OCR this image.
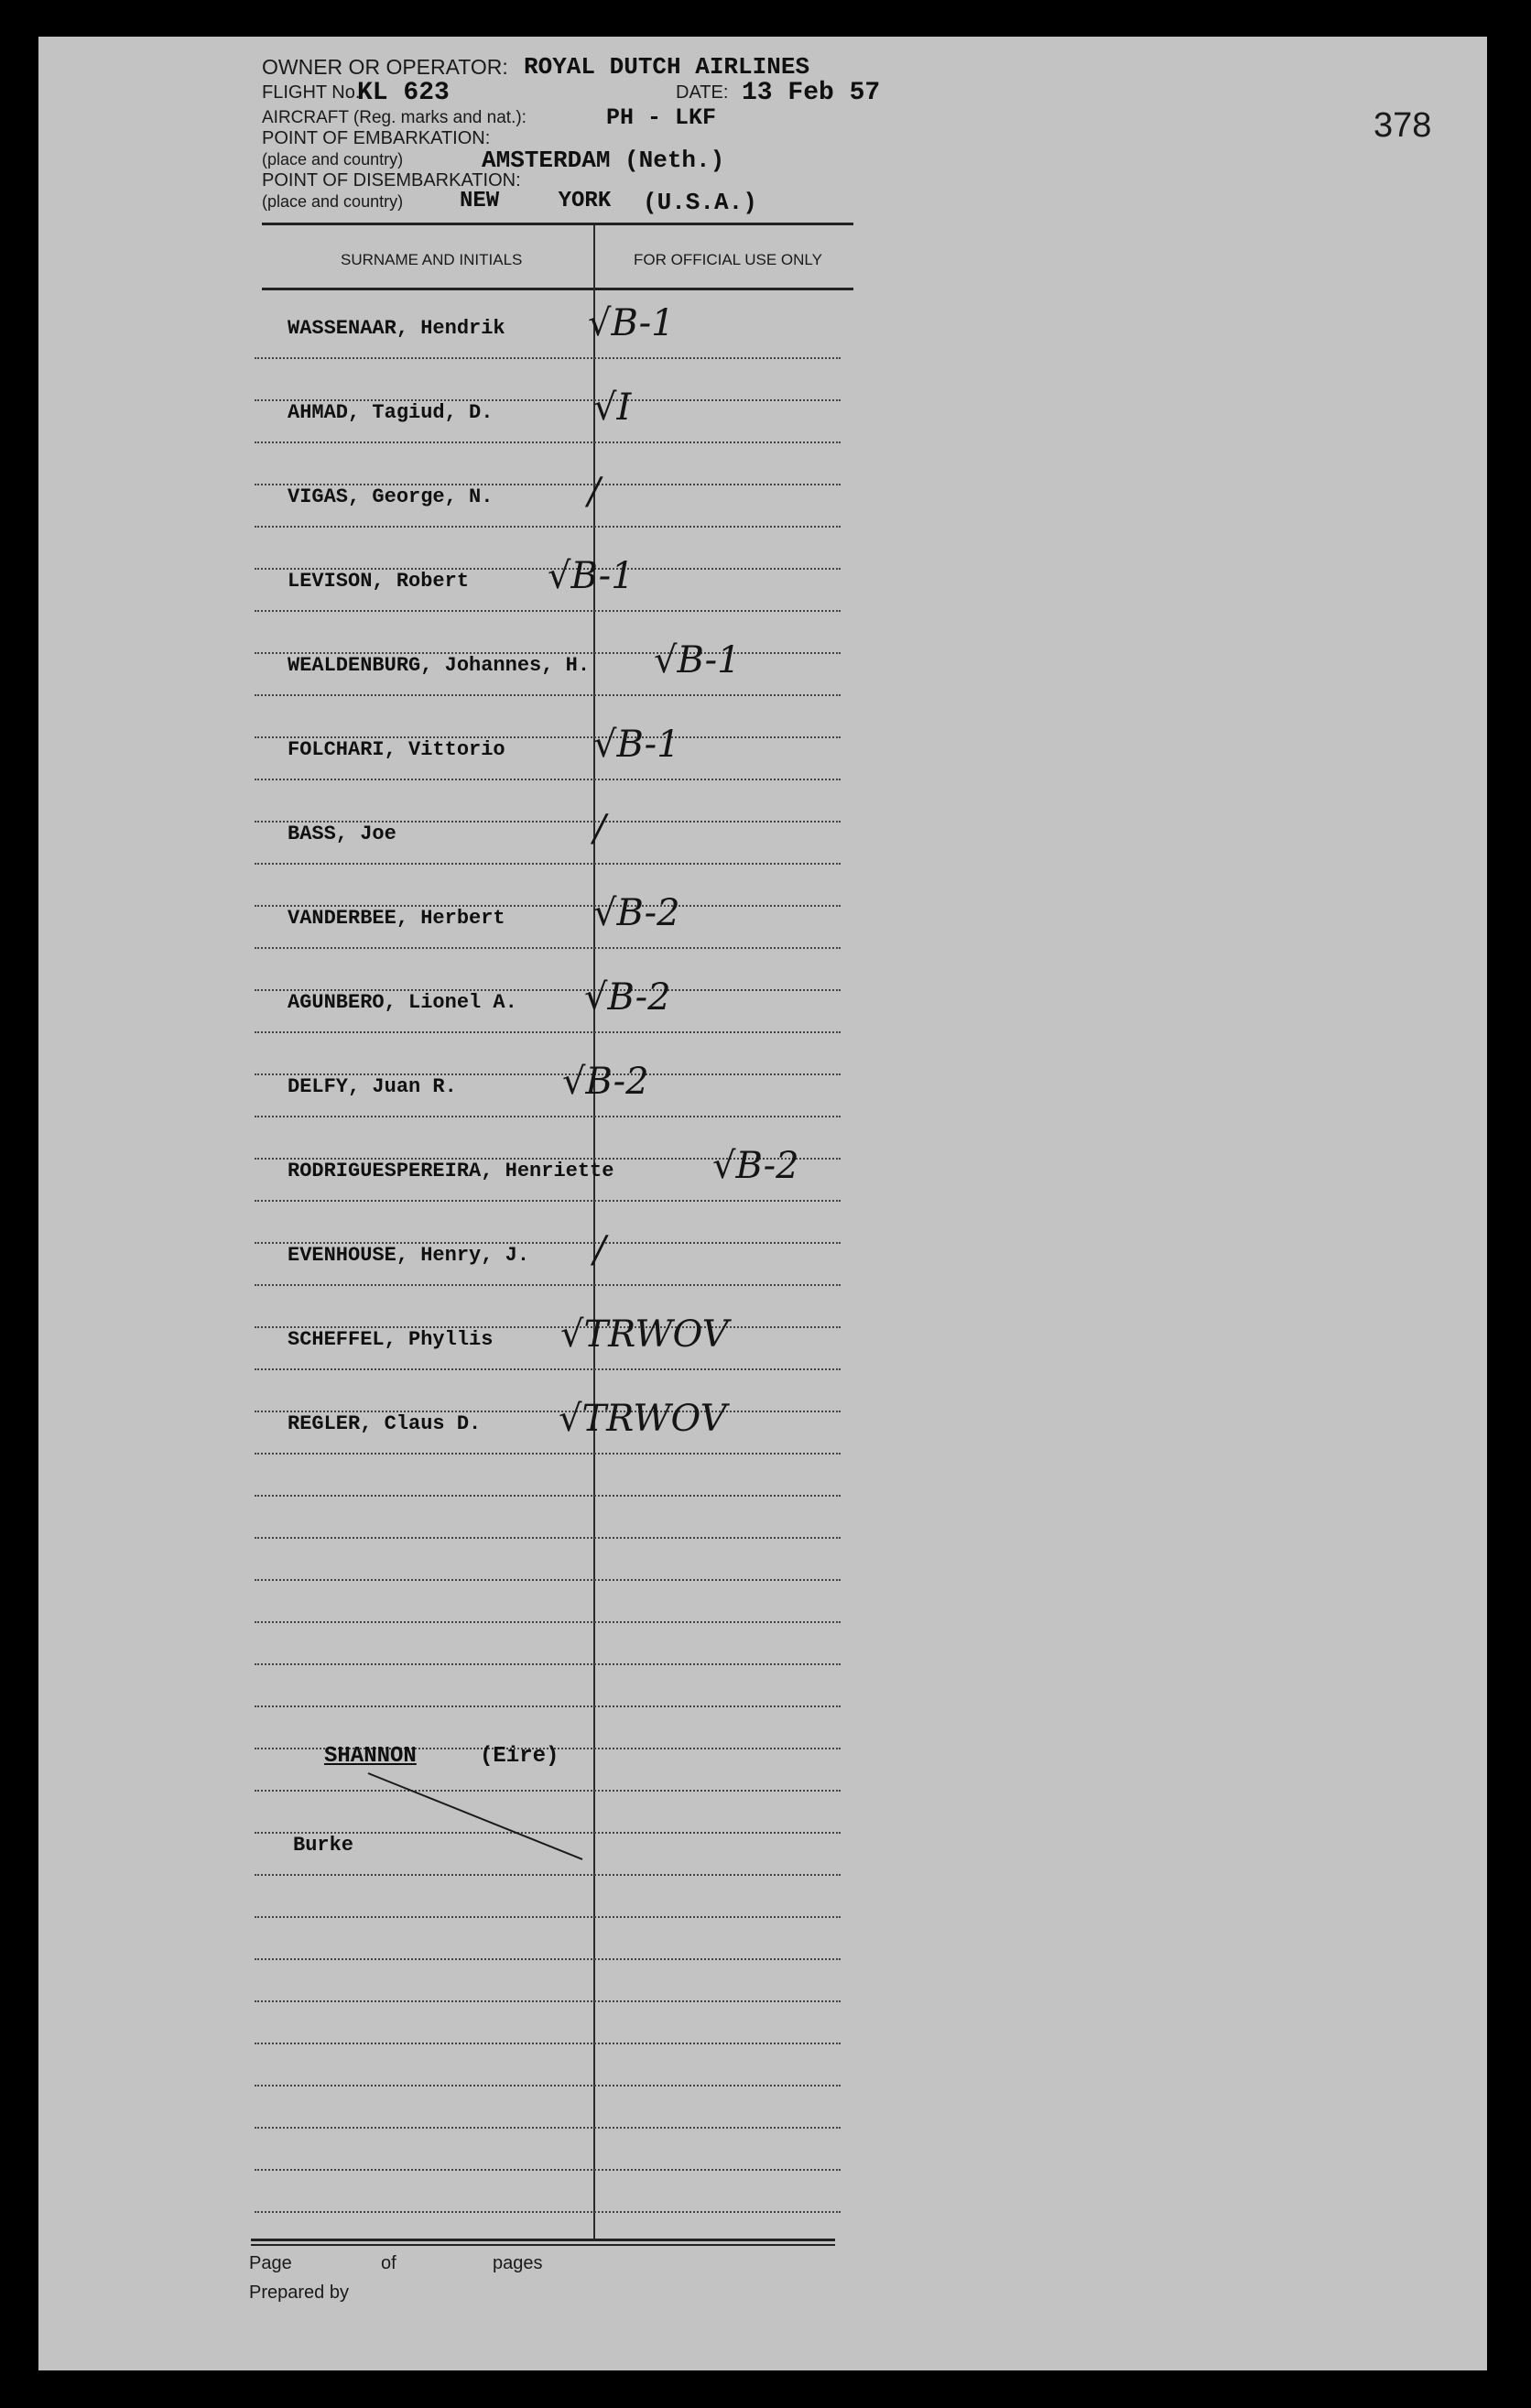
378
OWNER OR OPERATOR: ROYAL DUTCH AIRLINES
FLIGHT No.
KL 623	DATE: 13 Feb 57
AIRCRAFT (Reg. marks and nat.):	PH - LKF
POINT OF EMBARKATION:
(place and country)	AMSTERDAM (Neth.)
POINT OF DISEMBARKATION:
(place and country)	NEW YORK (U.S.A.)
SURNAME AND INITIALS	FOR OFFICIAL USE ONLY
WASSENAAR, Hendrik √B-1
AHMAD, Tagiud, D.	√I
VIGAS, George, N.	/
LEVISON, Robert √B-1
WEALDENBURG, Johannes, H. √B-1
FOLCHARI, Vittorio √B-1
BASS, Joe	/
VANDERBEE, Herbert √B-2
AGUNBERO, Lionel A. √B-2
DELFY, Juan R.	√B-2
RODRIGUESPEREIRA, Henriette	√B-2
EVENHOUSE, Henry, J. /
SCHEFFEL, Phyllis √TRWOV
REGLER, Claus D. √TRWOV
SHANNON	(Eire)
Burke
Page	of	pages
Prepared by
